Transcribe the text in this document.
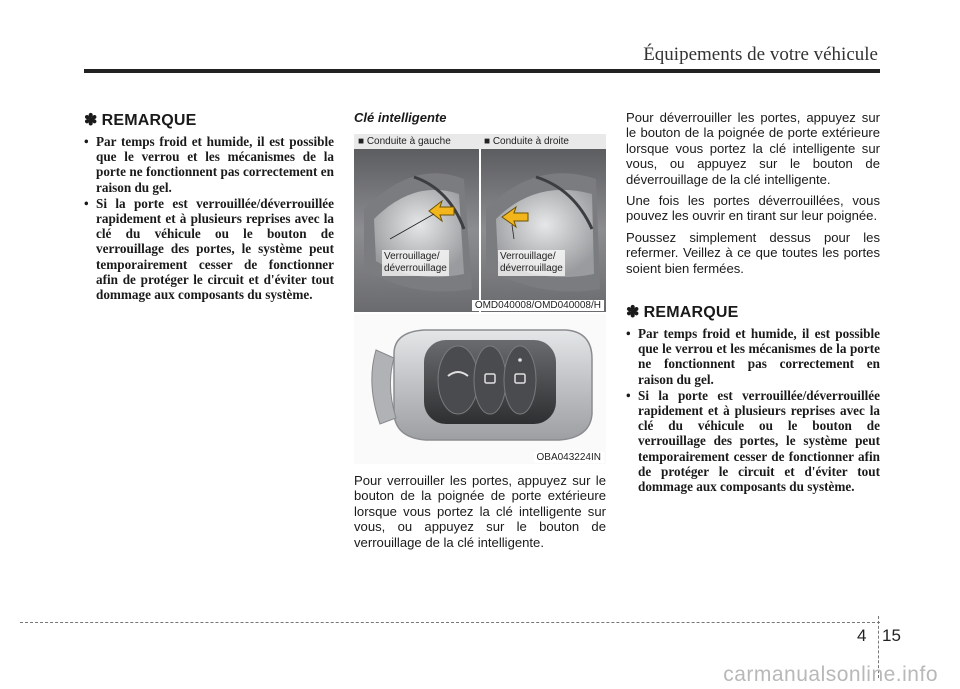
Équipements de votre véhicule
✽ REMARQUE
• Par temps froid et humide, il est possible que le verrou et les mécanismes de la porte ne fonctionnent pas correctement en raison du gel.
• Si la porte est verrouillée/déverrouillée rapidement et à plusieurs reprises avec la clé du véhicule ou le bouton de verrouillage des portes, le système peut temporairement cesser de fonctionner afin de protéger le circuit et d'éviter tout dommage aux composants du système.
Clé intelligente
■ Conduite à gauche	■ Conduite à droite
Verrouillage/
déverrouillage
Verrouillage/
déverrouillage
OMD040008/OMD040008/H
OBA043224IN

Pour verrouiller les portes, appuyez sur le bouton de la poignée de porte extérieure lorsque vous portez la clé intelligente sur vous, ou appuyez sur le bouton de verrouillage de la clé intelligente.

Pour déverrouiller les portes, appuyez sur le bouton de la poignée de porte extérieure lorsque vous portez la clé intelligente sur vous, ou appuyez sur le bouton de déverrouillage de la clé intelligente.

Une fois les portes déverrouillées, vous pouvez les ouvrir en tirant sur leur poignée.

Poussez simplement dessus pour les refermer. Veillez à ce que toutes les portes soient bien fermées.

✽ REMARQUE
• Par temps froid et humide, il est possible que le verrou et les mécanismes de la porte ne fonctionnent pas correctement en raison du gel.
• Si la porte est verrouillée/déverrouillée rapidement et à plusieurs reprises avec la clé du véhicule ou le bouton de verrouillage des portes, le système peut temporairement cesser de fonctionner afin de protéger le circuit et d'éviter tout dommage aux composants du système.
4 15
carmanualsonline.info
